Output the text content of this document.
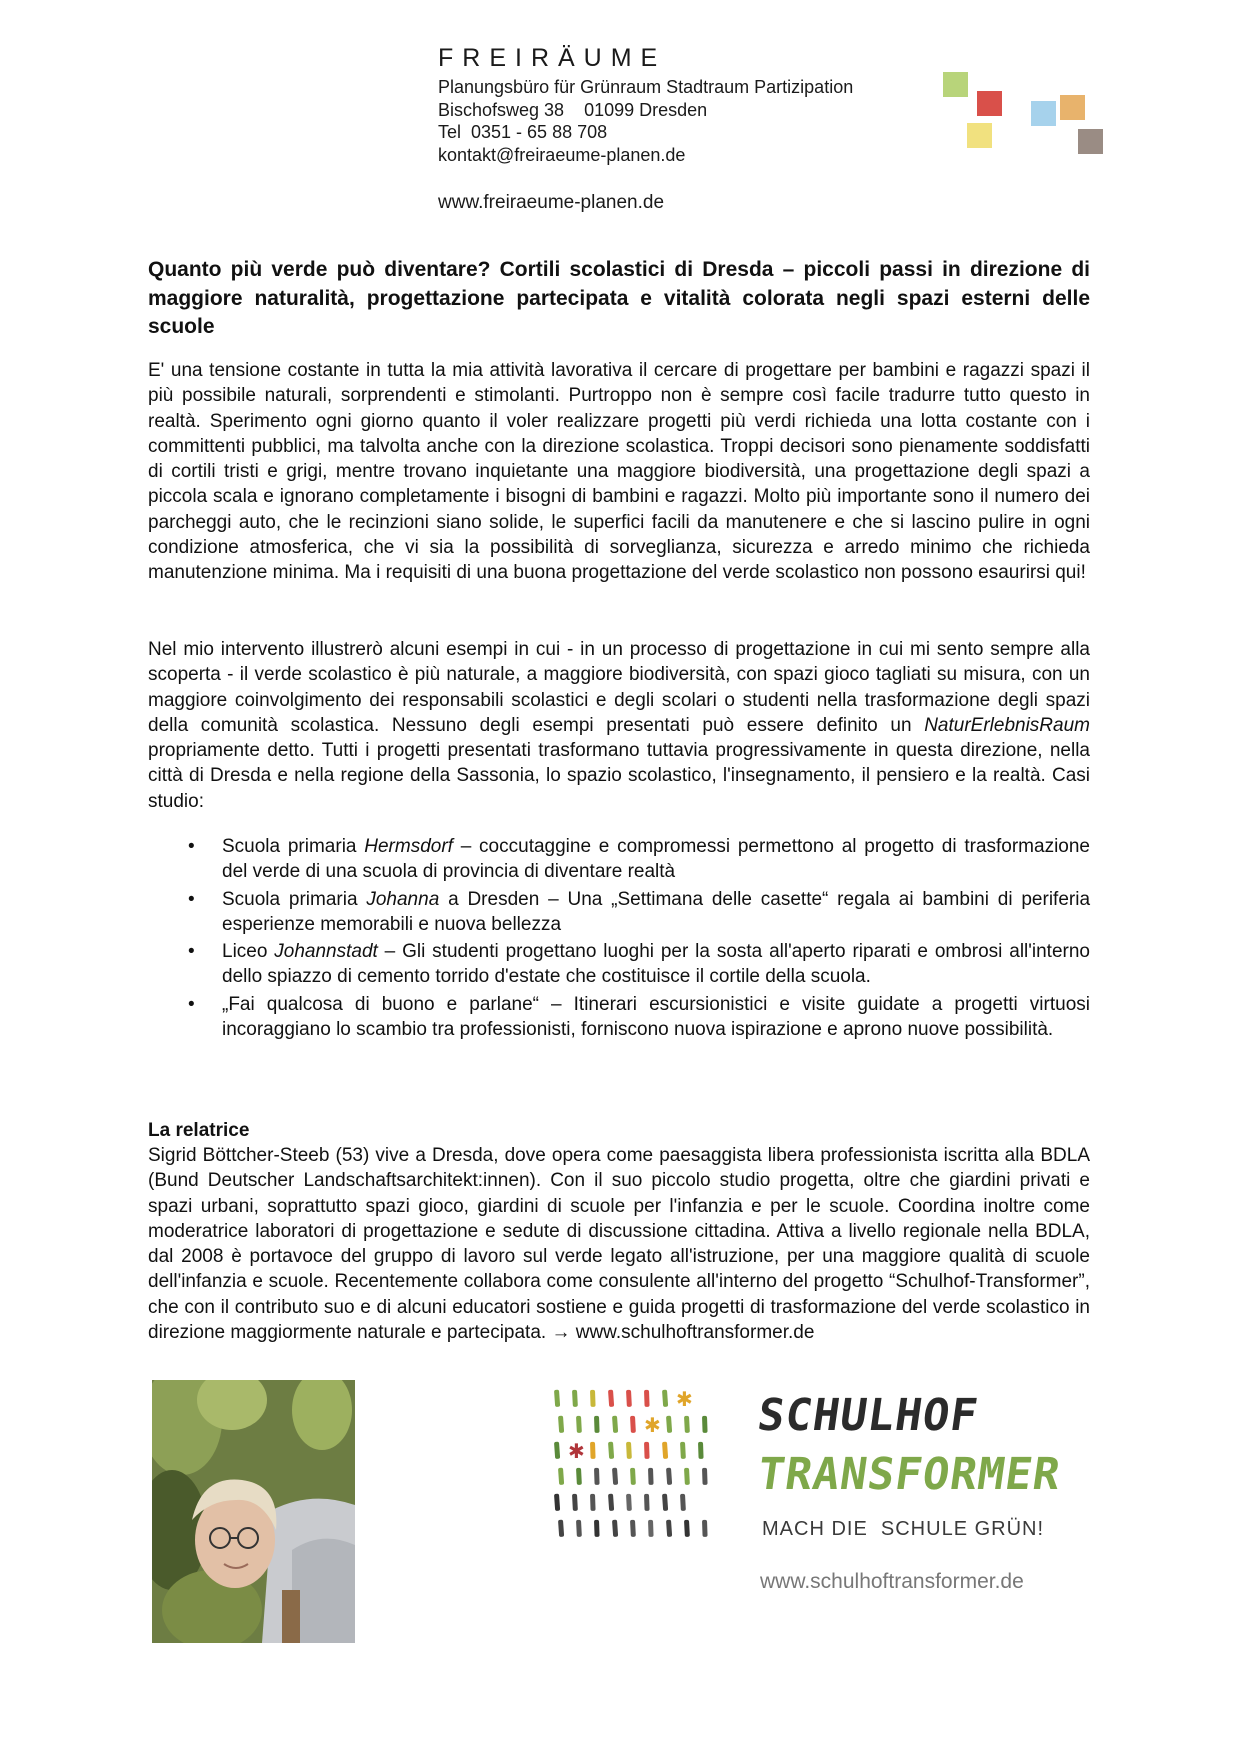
FREIRÄUME
Planungsbüro für Grünraum Stadtraum Partizipation
Bischofsweg 38    01099 Dresden
Tel  0351 - 65 88 708
kontakt@freiraeume-planen.de
www.freiraeume-planen.de
Quanto più verde può diventare? Cortili scolastici di Dresda – piccoli passi in direzione di maggiore naturalità, progettazione partecipata e vitalità colorata negli spazi esterni delle scuole

E' una tensione costante in tutta la mia attività lavorativa il cercare di progettare per bambini e ragazzi spazi il più possibile naturali, sorprendenti e stimolanti. Purtroppo non è sempre così facile tradurre tutto questo in realtà. Sperimento ogni giorno quanto il voler realizzare progetti più verdi richieda una lotta costante con i committenti pubblici, ma talvolta anche con la direzione scolastica. Troppi decisori sono pienamente soddisfatti di cortili tristi e grigi, mentre trovano inquietante una maggiore biodiversità, una progettazione degli spazi a piccola scala e ignorano completamente i bisogni di bambini e ragazzi. Molto più importante sono il numero dei parcheggi auto, che le recinzioni siano solide, le superfici facili da manutenere e che si lascino pulire in ogni condizione atmosferica, che vi sia la possibilità di sorveglianza, sicurezza e arredo minimo che richieda manutenzione minima. Ma i requisiti di una buona progettazione del verde scolastico non possono esaurirsi qui!

Nel mio intervento illustrerò alcuni esempi in cui - in un processo di progettazione in cui mi sento sempre alla scoperta - il verde scolastico è più naturale, a maggiore biodiversità, con spazi gioco tagliati su misura, con un maggiore coinvolgimento dei responsabili scolastici e degli scolari o studenti nella trasformazione degli spazi della comunità scolastica. Nessuno degli esempi presentati può essere definito un NaturErlebnisRaum propriamente detto. Tutti i progetti presentati trasformano tuttavia progressivamente in questa direzione, nella città di Dresda e nella regione della Sassonia, lo spazio scolastico, l'insegnamento, il pensiero e la realtà. Casi studio:

• Scuola primaria Hermsdorf – coccutaggine e compromessi permettono al progetto di trasformazione del verde di una scuola di provincia di diventare realtà
• Scuola primaria Johanna a Dresden – Una „Settimana delle casette“ regala ai bambini di periferia esperienze memorabili e nuova bellezza
• Liceo Johannstadt – Gli studenti progettano luoghi per la sosta all'aperto riparati e ombrosi all'interno dello spiazzo di cemento torrido d'estate che costituisce il cortile della scuola.
• „Fai qualcosa di buono e parlane“ – Itinerari escursionistici e visite guidate a progetti virtuosi incoraggiano lo scambio tra professionisti, forniscono nuova ispirazione e aprono nuove possibilità.
La relatrice

Sigrid Böttcher-Steeb (53) vive a Dresda, dove opera come paesaggista libera professionista iscritta alla BDLA (Bund Deutscher Landschaftsarchitekt:innen). Con il suo piccolo studio progetta, oltre che giardini privati e spazi urbani, soprattutto spazi gioco, giardini di scuole per l'infanzia e per le scuole. Coordina inoltre come moderatrice laboratori di progettazione e sedute di discussione cittadina. Attiva a livello regionale nella BDLA, dal 2008 è portavoce del gruppo di lavoro sul verde legato all'istruzione, per una maggiore qualità di scuole dell'infanzia e scuole. Recentemente collabora come consulente all'interno del progetto “Schulhof-Transformer”, che con il contributo suo e di alcuni educatori sostiene e guida progetti di trasformazione del verde scolastico in direzione maggiormente naturale e partecipata. → www.schulhoftransformer.de

✱
✱
✱
SCHULHOF
TRANSFORMER
MACH DIE  SCHULE GRÜN!
www.schulhoftransformer.de
